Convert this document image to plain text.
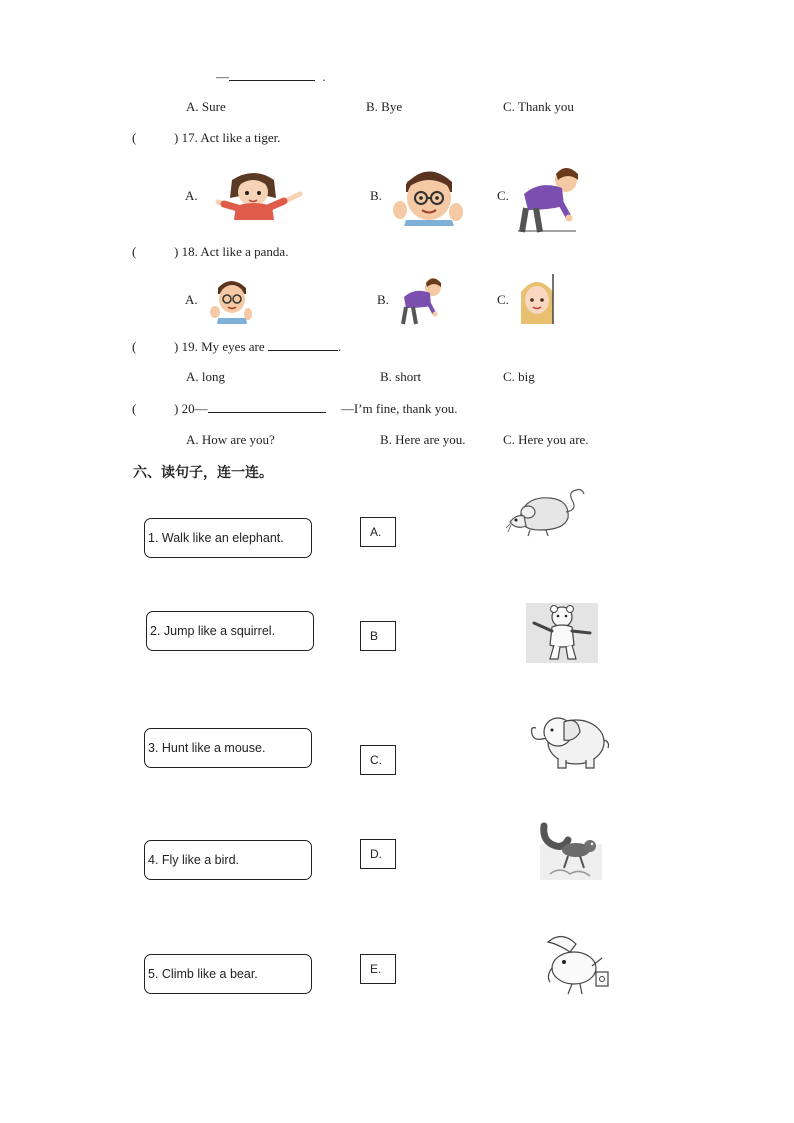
—	.
A. Sure	B. Bye	C. Thank you
(	) 17. Act like a tiger.
A.	B.	C.
(	) 18. Act like a panda.
A.	B.	C.
(	) 19. My eyes are	.
A. long	B. short	C. big
(	) 20—	—I’m fine, thank you.
A. How are you?	B. Here are you.	C. Here you are.
六、读句子，连一连。
1. Walk like an elephant.
2. Jump like a squirrel.
3. Hunt like a mouse.
4. Fly like a bird.
5. Climb like a bear.
A.
B
C.
D.
E.
